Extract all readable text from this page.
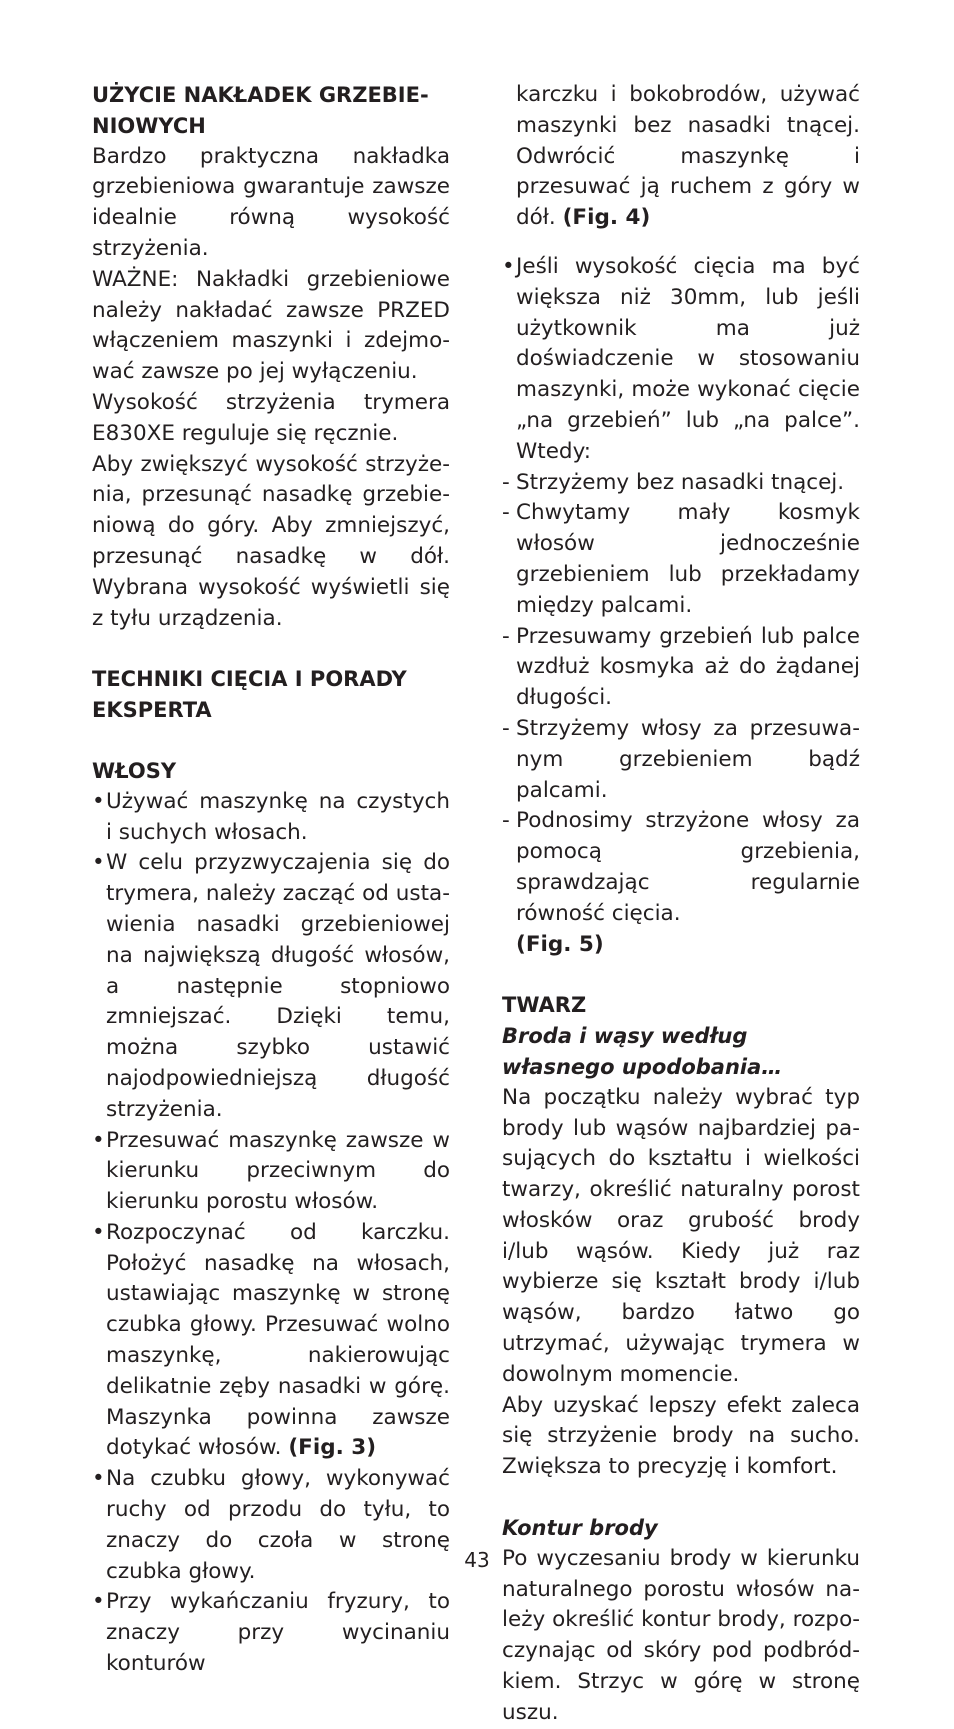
UŻYCIE NAKŁADEK GRZEBIENIOWYCH

Bardzo praktyczna nakładka grzebieniowa gwarantuje zawsze idealnie równą wysokość strzyżenia.

WAŻNE: Nakładki grzebieniowe należy nakładać zawsze PRZED włączeniem maszynki i zdejmować zawsze po jej wyłączeniu.

Wysokość strzyżenia trymera E830XE reguluje się ręcznie.

Aby zwiększyć wysokość strzyżenia, przesunąć nasadkę grzebieniową do góry. Aby zmniejszyć, przesunąć nasadkę w dół. Wybrana wysokość wyświetli się z tyłu urządzenia.

TECHNIKI CIĘCIA I PORADY EKSPERTA

WŁOSY

• Używać maszynkę na czystych i suchych włosach.
• W celu przyzwyczajenia się do trymera, należy zacząć od ustawienia nasadki grzebieniowej na największą długość włosów, a następnie stopniowo zmniejszać. Dzięki temu, można szybko ustawić najodpowiedniejszą długość strzyżenia.
• Przesuwać maszynkę zawsze w kierunku przeciwnym do kierunku porostu włosów.
• Rozpoczynać od karczku. Położyć nasadkę na włosach, ustawiając maszynkę w stronę czubka głowy. Przesuwać wolno maszynkę, nakierowując delikatnie zęby nasadki w górę. Maszynka powinna zawsze dotykać włosów. (Fig. 3)
• Na czubku głowy, wykonywać ruchy od przodu do tyłu, to znaczy do czoła w stronę czubka głowy.
• Przy wykańczaniu fryzury, to znaczy przy wycinaniu konturów

karczku i bokobrodów, używać maszynki bez nasadki tnącej. Odwrócić maszynkę i przesuwać ją ruchem z góry w dół. (Fig. 4)

• Jeśli wysokość cięcia ma być większa niż 30mm, lub jeśli użytkownik ma już doświadczenie w stosowaniu maszynki, może wykonać cięcie „na grzebień” lub „na palce”. Wtedy:
- Strzyżemy bez nasadki tnącej.
- Chwytamy mały kosmyk włosów jednocześnie grzebieniem lub przekładamy między palcami.
- Przesuwamy grzebień lub palce wzdłuż kosmyka aż do żądanej długości.
- Strzyżemy włosy za przesuwanym grzebieniem bądź palcami.
- Podnosimy strzyżone włosy za pomocą grzebienia, sprawdzając regularnie równość cięcia.

(Fig. 5)

TWARZ

Broda i wąsy według własnego upodobania…

Na początku należy wybrać typ brody lub wąsów najbardziej pasujących do kształtu i wielkości twarzy, określić naturalny porost włosków oraz grubość brody i/lub wąsów. Kiedy już raz wybierze się kształt brody i/lub wąsów, bardzo łatwo go utrzymać, używając trymera w dowolnym momencie.

Aby uzyskać lepszy efekt zaleca się strzyżenie brody na sucho. Zwiększa to precyzję i komfort.

Kontur brody

Po wyczesaniu brody w kierunku naturalnego porostu włosów należy określić kontur brody, rozpoczynając od skóry pod podbródkiem. Strzyc w górę w stronę uszu.

43
